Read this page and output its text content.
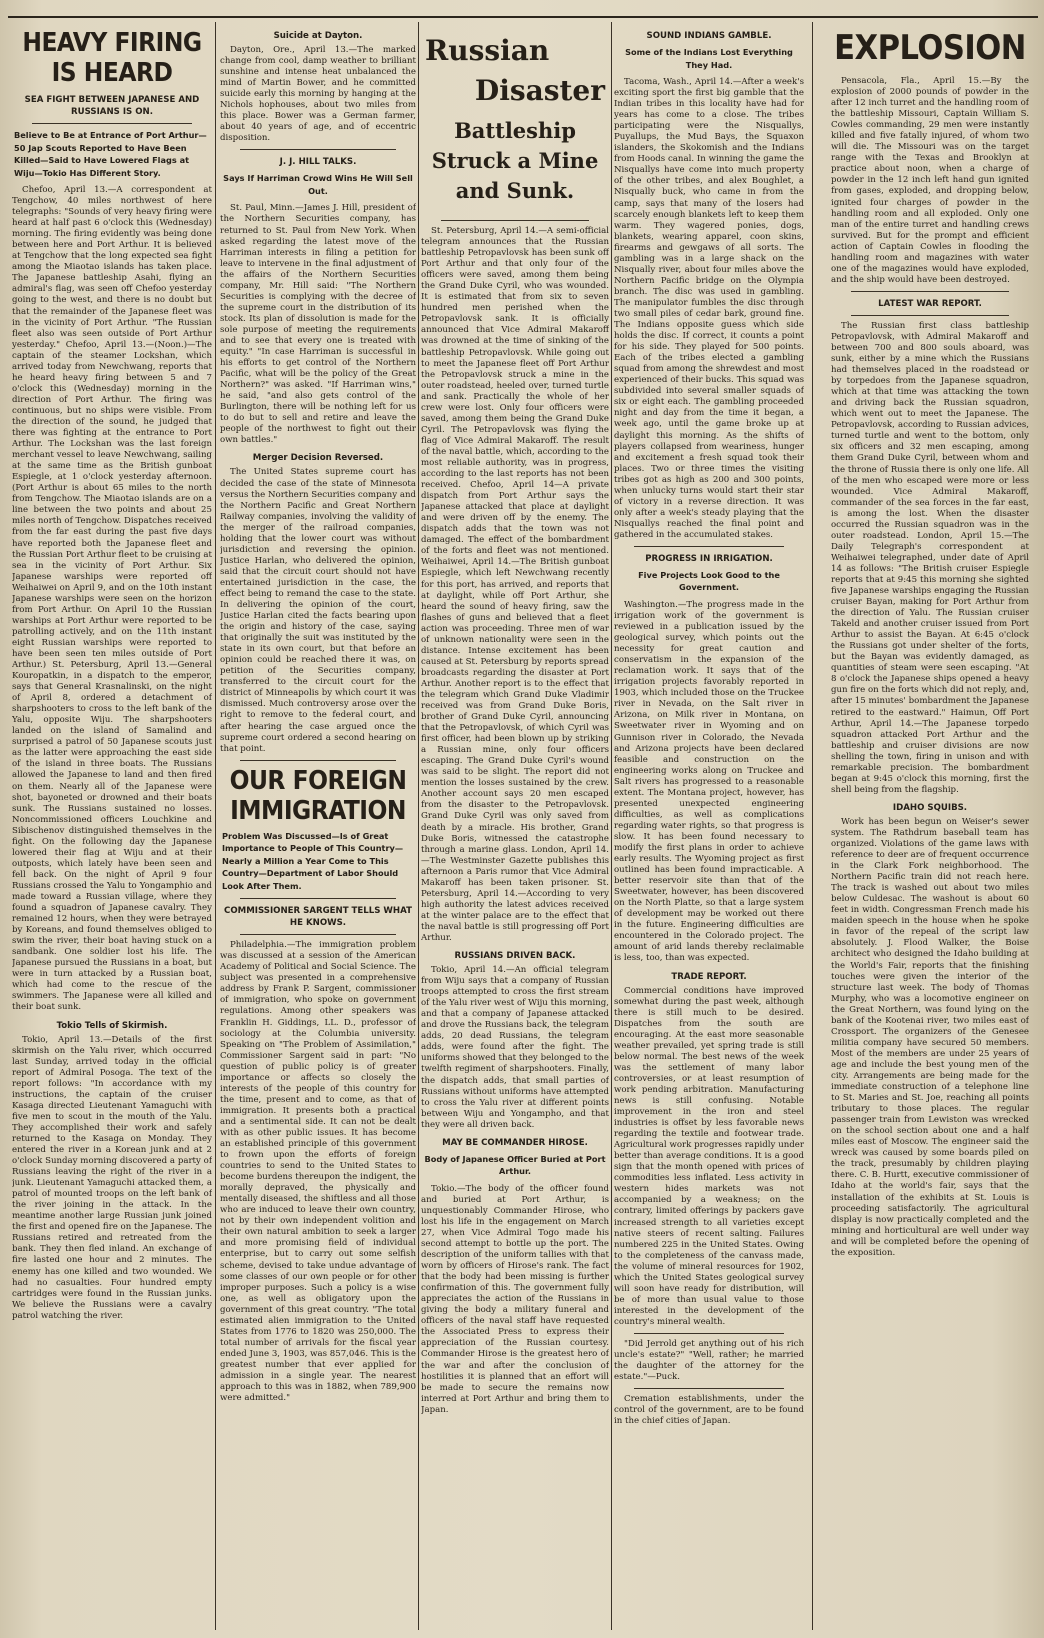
HEAVY FIRING IS HEARD
SEA FIGHT BETWEEN JAPANESE AND RUSSIANS IS ON.
Believe to Be at Entrance of Port Arthur—50 Jap Scouts Reported to Have Been Killed—Said to Have Lowered Flags at Wiju—Tokio Has Different Story.

Chefoo, April 13.—A correspondent at Tengchow, 40 miles northwest of here telegraphs: "Sounds of very heavy firing were heard at half past 6 o'clock this (Wednesday) morning. The firing evidently was being done between here and Port Arthur. It is believed at Tengchow that the long expected sea fight among the Miaotao islands has taken place. The Japanese battleship Asahi, flying an admiral's flag, was seen off Chefoo yesterday going to the west, and there is no doubt but that the remainder of the Japanese fleet was in the vicinity of Port Arthur. "The Russian fleet also was seen outside of Port Arthur yesterday." Chefoo, April 13.—(Noon.)—The captain of the steamer Lockshan, which arrived today from Newchwang, reports that he heard heavy firing between 5 and 7 o'clock this (Wednesday) morning in the direction of Port Arthur. The firing was continuous, but no ships were visible. From the direction of the sound, he judged that there was fighting at the entrance to Port Arthur. The Lockshan was the last foreign merchant vessel to leave Newchwang, sailing at the same time as the British gunboat Espiegle, at 1 o'clock yesterday afternoon. (Port Arthur is about 65 miles to the north from Tengchow. The Miaotao islands are on a line between the two points and about 25 miles north of Tengchow. Dispatches received from the far east during the past five days have reported both the Japanese fleet and the Russian Port Arthur fleet to be cruising at sea in the vicinity of Port Arthur. Six Japanese warships were reported off Weihaiwei on April 9, and on the 10th instant Japanese warships were seen on the horizon from Port Arthur. On April 10 the Russian warships at Port Arthur were reported to be patrolling actively, and on the 11th instant eight Russian warships were reported to have been seen ten miles outside of Port Arthur.) St. Petersburg, April 13.—General Kouropatkin, in a dispatch to the emperor, says that General Krasnalinski, on the night of April 8, ordered a detachment of sharpshooters to cross to the left bank of the Yalu, opposite Wiju. The sharpshooters landed on the island of Samalind and surprised a patrol of 50 Japanese scouts just as the latter were approaching the east side of the island in three boats. The Russians allowed the Japanese to land and then fired on them. Nearly all of the Japanese were shot, bayoneted or drowned and their boats sunk. The Russians sustained no losses. Noncommissioned officers Louchkine and Sibischenov distinguished themselves in the fight. On the following day the Japanese lowered their flag at Wiju and at their outposts, which lately have been seen and fell back. On the night of April 9 four Russians crossed the Yalu to Yongamphio and made toward a Russian village, where they found a squadron of Japanese cavalry. They remained 12 hours, when they were betrayed by Koreans, and found themselves obliged to swim the river, their boat having stuck on a sandbank. One soldier lost his life. The Japanese pursued the Russians in a boat, but were in turn attacked by a Russian boat, which had come to the rescue of the swimmers. The Japanese were all killed and their boat sunk.

Tokio Tells of Skirmish.

Tokio, April 13.—Details of the first skirmish on the Yalu river, which occurred last Sunday, arrived today in the official report of Admiral Posoga. The text of the report follows: "In accordance with my instructions, the captain of the cruiser Kasaga directed Lieutenant Yamaguchi with five men to scout in the mouth of the Yalu. They accomplished their work and safely returned to the Kasaga on Monday. They entered the river in a Korean junk and at 2 o'clock Sunday morning discovered a party of Russians leaving the right of the river in a junk. Lieutenant Yamaguchi attacked them, a patrol of mounted troops on the left bank of the river joining in the attack. In the meantime another large Russian junk joined the first and opened fire on the Japanese. The Russians retired and retreated from the bank. They then fled inland. An exchange of fire lasted one hour and 2 minutes. The enemy has one killed and two wounded. We had no casualties. Four hundred empty cartridges were found in the Russian junks. We believe the Russians were a cavalry patrol watching the river.

Suicide at Dayton.

Dayton, Ore., April 13.—The marked change from cool, damp weather to brilliant sunshine and intense heat unbalanced the mind of Martin Bower, and he committed suicide early this morning by hanging at the Nichols hophouses, about two miles from this place. Bower was a German farmer, about 40 years of age, and of eccentric disposition.

J. J. HILL TALKS.
Says If Harriman Crowd Wins He Will Sell Out.

St. Paul, Minn.—James J. Hill, president of the Northern Securities company, has returned to St. Paul from New York. When asked regarding the latest move of the Harriman interests in filing a petition for leave to intervene in the final adjustment of the affairs of the Northern Securities company, Mr. Hill said: "The Northern Securities is complying with the decree of the supreme court in the distribution of its stock. Its plan of dissolution is made for the sole purpose of meeting the requirements and to see that every one is treated with equity." "In case Harriman is successful in his efforts to get control of the Northern Pacific, what will be the policy of the Great Northern?" was asked. "If Harriman wins," he said, "and also gets control of the Burlington, there will be nothing left for us to do but to sell and retire and leave the people of the northwest to fight out their own battles."

Merger Decision Reversed.

The United States supreme court has decided the case of the state of Minnesota versus the Northern Securities company and the Northern Pacific and Great Northern Railway companies, involving the validity of the merger of the railroad companies, holding that the lower court was without jurisdiction and reversing the opinion. Justice Harlan, who delivered the opinion, said that the circuit court should not have entertained jurisdiction in the case, the effect being to remand the case to the state. In delivering the opinion of the court, Justice Harlan cited the facts bearing upon the origin and history of the case, saying that originally the suit was instituted by the state in its own court, but that before an opinion could be reached there it was, on petition of the Securities company, transferred to the circuit court for the district of Minneapolis by which court it was dismissed. Much controversy arose over the right to remove to the federal court, and after hearing the case argued once the supreme court ordered a second hearing on that point.

OUR FOREIGN IMMIGRATION
Problem Was Discussed—Is of Great Importance to People of This Country—Nearly a Million a Year Come to This Country—Department of Labor Should Look After Them.
COMMISSIONER SARGENT TELLS WHAT HE KNOWS.

Philadelphia.—The immigration problem was discussed at a session of the American Academy of Political and Social Science. The subject was presented in a comprehensive address by Frank P. Sargent, commissioner of immigration, who spoke on government regulations. Among other speakers was Franklin H. Giddings, LL. D., professor of sociology at the Columbia university. Speaking on "The Problem of Assimilation," Commissioner Sargent said in part: "No question of public policy is of greater importance or affects so closely the interests of the people of this country for the time, present and to come, as that of immigration. It presents both a practical and a sentimental side. It can not be dealt with as other public issues. It has become an established principle of this government to frown upon the efforts of foreign countries to send to the United States to become burdens thereupon the indigent, the morally depraved, the physically and mentally diseased, the shiftless and all those who are induced to leave their own country, not by their own independent volition and their own natural ambition to seek a larger and more promising field of individual enterprise, but to carry out some selfish scheme, devised to take undue advantage of some classes of our own people or for other improper purposes. Such a policy is a wise one, as well as obligatory upon the government of this great country. "The total estimated alien immigration to the United States from 1776 to 1820 was 250,000. The total number of arrivals for the fiscal year ended June 3, 1903, was 857,046. This is the greatest number that ever applied for admission in a single year. The nearest approach to this was in 1882, when 789,900 were admitted."

Russian
Disaster
Battleship Struck a Mine and Sunk.

St. Petersburg, April 14.—A semi-official telegram announces that the Russian battleship Petropavlovsk has been sunk off Port Arthur and that only four of the officers were saved, among them being the Grand Duke Cyril, who was wounded. It is estimated that from six to seven hundred men perished when the Petropavlovsk sank. It is officially announced that Vice Admiral Makaroff was drowned at the time of sinking of the battleship Petropavlovsk. While going out to meet the Japanese fleet off Port Arthur the Petropavlovsk struck a mine in the outer roadstead, heeled over, turned turtle and sank. Practically the whole of her crew were lost. Only four officers were saved, among them being the Grand Duke Cyril. The Petropavlovsk was flying the flag of Vice Admiral Makaroff. The result of the naval battle, which, according to the most reliable authority, was in progress, according to the last reports has not been received. Chefoo, April 14—A private dispatch from Port Arthur says the Japanese attacked that place at daylight and were driven off by the enemy. The dispatch adds that the town was not damaged. The effect of the bombardment of the forts and fleet was not mentioned. Weihaiwei, April 14.—The British gunboat Espiegle, which left Newchwang recently for this port, has arrived, and reports that at daylight, while off Port Arthur, she heard the sound of heavy firing, saw the flashes of guns and believed that a fleet action was proceeding. Three men of war of unknown nationality were seen in the distance. Intense excitement has been caused at St. Petersburg by reports spread broadcasts regarding the disaster at Port Arthur. Another report is to the effect that the telegram which Grand Duke Vladimir received was from Grand Duke Boris, brother of Grand Duke Cyril, announcing that the Petropavlovsk, of which Cyril was first officer, had been blown up by striking a Russian mine, only four officers escaping. The Grand Duke Cyril's wound was said to be slight. The report did not mention the losses sustained by the crew. Another account says 20 men escaped from the disaster to the Petropavlovsk. Grand Duke Cyril was only saved from death by a miracle. His brother, Grand Duke Boris, witnessed the catastrophe through a marine glass. London, April 14.—The Westminster Gazette publishes this afternoon a Paris rumor that Vice Admiral Makaroff has been taken prisoner. St. Petersburg, April 14.—According to very high authority the latest advices received at the winter palace are to the effect that the naval battle is still progressing off Port Arthur.

RUSSIANS DRIVEN BACK.

Tokio, April 14.—An official telegram from Wiju says that a company of Russian troops attempted to cross the first stream of the Yalu river west of Wiju this morning, and that a company of Japanese attacked and drove the Russians back, the telegram adds, 20 dead Russians, the telegram adds, were found after the fight. The uniforms showed that they belonged to the twelfth regiment of sharpshooters. Finally, the dispatch adds, that small parties of Russians without uniforms have attempted to cross the Yalu river at different points between Wiju and Yongampho, and that they were all driven back.

MAY BE COMMANDER HIROSE.
Body of Japanese Officer Buried at Port Arthur.

Tokio.—The body of the officer found and buried at Port Arthur, is unquestionably Commander Hirose, who lost his life in the engagement on March 27, when Vice Admiral Togo made his second attempt to bottle up the port. The description of the uniform tallies with that worn by officers of Hirose's rank. The fact that the body had been missing is further confirmation of this. The government fully appreciates the action of the Russians in giving the body a military funeral and officers of the naval staff have requested the Associated Press to express their appreciation of the Russian courtesy. Commander Hirose is the greatest hero of the war and after the conclusion of hostilities it is planned that an effort will be made to secure the remains now interred at Port Arthur and bring them to Japan.

SOUND INDIANS GAMBLE.
Some of the Indians Lost Everything They Had.

Tacoma, Wash., April 14.—After a week's exciting sport the first big gamble that the Indian tribes in this locality have had for years has come to a close. The tribes participating were the Nisquallys, Puyallups, the Mud Bays, the Squaxon islanders, the Skokomish and the Indians from Hoods canal. In winning the game the Nisquallys have come into much property of the other tribes, and alex Boughlet, a Nisqually buck, who came in from the camp, says that many of the losers had scarcely enough blankets left to keep them warm. They wagered ponies, dogs, blankets, wearing apparel, coon skins, firearms and gewgaws of all sorts. The gambling was in a large shack on the Nisqually river, about four miles above the Northern Pacific bridge on the Olympia branch. The disc was used in gambling. The manipulator fumbles the disc through two small piles of cedar bark, ground fine. The Indians opposite guess which side holds the disc. If correct, it counts a point for his side. They played for 500 points. Each of the tribes elected a gambling squad from among the shrewdest and most experienced of their bucks. This squad was subdivided into several smaller squads of six or eight each. The gambling proceeded night and day from the time it began, a week ago, until the game broke up at daylight this morning. As the shifts of players collapsed from weariness, hunger and excitement a fresh squad took their places. Two or three times the visiting tribes got as high as 200 and 300 points, when unlucky turns would start their star of victory in a reverse direction. It was only after a week's steady playing that the Nisquallys reached the final point and gathered in the accumulated stakes.

PROGRESS IN IRRIGATION.
Five Projects Look Good to the Government.

Washington.—The progress made in the irrigation work of the government is reviewed in a publication issued by the geological survey, which points out the necessity for great caution and conservatism in the expansion of the reclamation work. It says that of the irrigation projects favorably reported in 1903, which included those on the Truckee river in Nevada, on the Salt river in Arizona, on Milk river in Montana, on Sweetwater river in Wyoming and on Gunnison river in Colorado, the Nevada and Arizona projects have been declared feasible and construction on the engineering works along on Truckee and Salt rivers has progressed to a reasonable extent. The Montana project, however, has presented unexpected engineering difficulties, as well as complications regarding water rights, so that progress is slow. It has been found necessary to modify the first plans in order to achieve early results. The Wyoming project as first outlined has been found impracticable. A better reservoir site than that of the Sweetwater, however, has been discovered on the North Platte, so that a large system of development may be worked out there in the future. Engineering difficulties are encountered in the Colorado project. The amount of arid lands thereby reclaimable is less, too, than was expected.

TRADE REPORT.

Commercial conditions have improved somewhat during the past week, although there is still much to be desired. Dispatches from the south are encouraging. At the east more seasonable weather prevailed, yet spring trade is still below normal. The best news of the week was the settlement of many labor controversies, or at least resumption of work pending arbitration. Manufacturing news is still confusing. Notable improvement in the iron and steel industries is offset by less favorable news regarding the textile and footwear trade. Agricultural work progresses rapidly under better than average conditions. It is a good sign that the month opened with prices of commodities less inflated. Less activity in western hides markets was not accompanied by a weakness; on the contrary, limited offerings by packers gave increased strength to all varieties except native steers of recent salting. Failures numbered 225 in the United States. Owing to the completeness of the canvass made, the volume of mineral resources for 1902, which the United States geological survey will soon have ready for distribution, will be of more than usual value to those interested in the development of the country's mineral wealth.

"Did Jerrold get anything out of his rich uncle's estate?" "Well, rather; he married the daughter of the attorney for the estate."—Puck.

Cremation establishments, under the control of the government, are to be found in the chief cities of Japan.

EXPLOSION

Pensacola, Fla., April 15.—By the explosion of 2000 pounds of powder in the after 12 inch turret and the handling room of the battleship Missouri, Captain William S. Cowles commanding, 29 men were instantly killed and five fatally injured, of whom two will die. The Missouri was on the target range with the Texas and Brooklyn at practice about noon, when a charge of powder in the 12 inch left hand gun ignited from gases, exploded, and dropping below, ignited four charges of powder in the handling room and all exploded. Only one man of the entire turret and handling crews survived. But for the prompt and efficient action of Captain Cowles in flooding the handling room and magazines with water one of the magazines would have exploded, and the ship would have been destroyed.

LATEST WAR REPORT.

The Russian first class battleship Petropavlovsk, with Admiral Makaroff and between 700 and 800 souls aboard, was sunk, either by a mine which the Russians had themselves placed in the roadstead or by torpedoes from the Japanese squadron, which at that time was attacking the town and driving back the Russian squadron, which went out to meet the Japanese. The Petropavlovsk, according to Russian advices, turned turtle and went to the bottom, only six officers and 32 men escaping, among them Grand Duke Cyril, between whom and the throne of Russia there is only one life. All of the men who escaped were more or less wounded. Vice Admiral Makaroff, commander of the sea forces in the far east, is among the lost. When the disaster occurred the Russian squadron was in the outer roadstead. London, April 15.—The Daily Telegraph's correspondent at Weihaiwei telegraphed, under date of April 14 as follows: "The British cruiser Espiegle reports that at 9:45 this morning she sighted five Japanese warships engaging the Russian cruiser Bayan, making for Port Arthur from the direction of Yalu. The Russian cruiser Takeld and another cruiser issued from Port Arthur to assist the Bayan. At 6:45 o'clock the Russians got under shelter of the forts, but the Bayan was evidently damaged, as quantities of steam were seen escaping. "At 8 o'clock the Japanese ships opened a heavy gun fire on the forts which did not reply, and, after 15 minutes' bombardment the Japanese retired to the eastward." Haimun, Off Port Arthur, April 14.—The Japanese torpedo squadron attacked Port Arthur and the battleship and cruiser divisions are now shelling the town, firing in unison and with remarkable precision. The bombardment began at 9:45 o'clock this morning, first the shell being from the flagship.

IDAHO SQUIBS.

Work has been begun on Weiser's sewer system. The Rathdrum baseball team has organized. Violations of the game laws with reference to deer are of frequent occurrence in the Clark Fork neighborhood. The Northern Pacific train did not reach here. The track is washed out about two miles below Culdesac. The washout is about 60 feet in width. Congressman French made his maiden speech in the house when he spoke in favor of the repeal of the script law absolutely. J. Flood Walker, the Boise architect who designed the Idaho building at the World's Fair, reports that the finishing touches were given the interior of the structure last week. The body of Thomas Murphy, who was a locomotive engineer on the Great Northern, was found lying on the bank of the Kootenai river, two miles east of Crossport. The organizers of the Genesee militia company have secured 50 members. Most of the members are under 25 years of age and include the best young men of the city. Arrangements are being made for the immediate construction of a telephone line to St. Maries and St. Joe, reaching all points tributary to those places. The regular passenger train from Lewiston was wrecked on the school section about one and a half miles east of Moscow. The engineer said the wreck was caused by some boards piled on the track, presumably by children playing there. C. B. Hurtt, executive commissioner of Idaho at the world's fair, says that the installation of the exhibits at St. Louis is proceeding satisfactorily. The agricultural display is now practically completed and the mining and horticultural are well under way and will be completed before the opening of the exposition.
